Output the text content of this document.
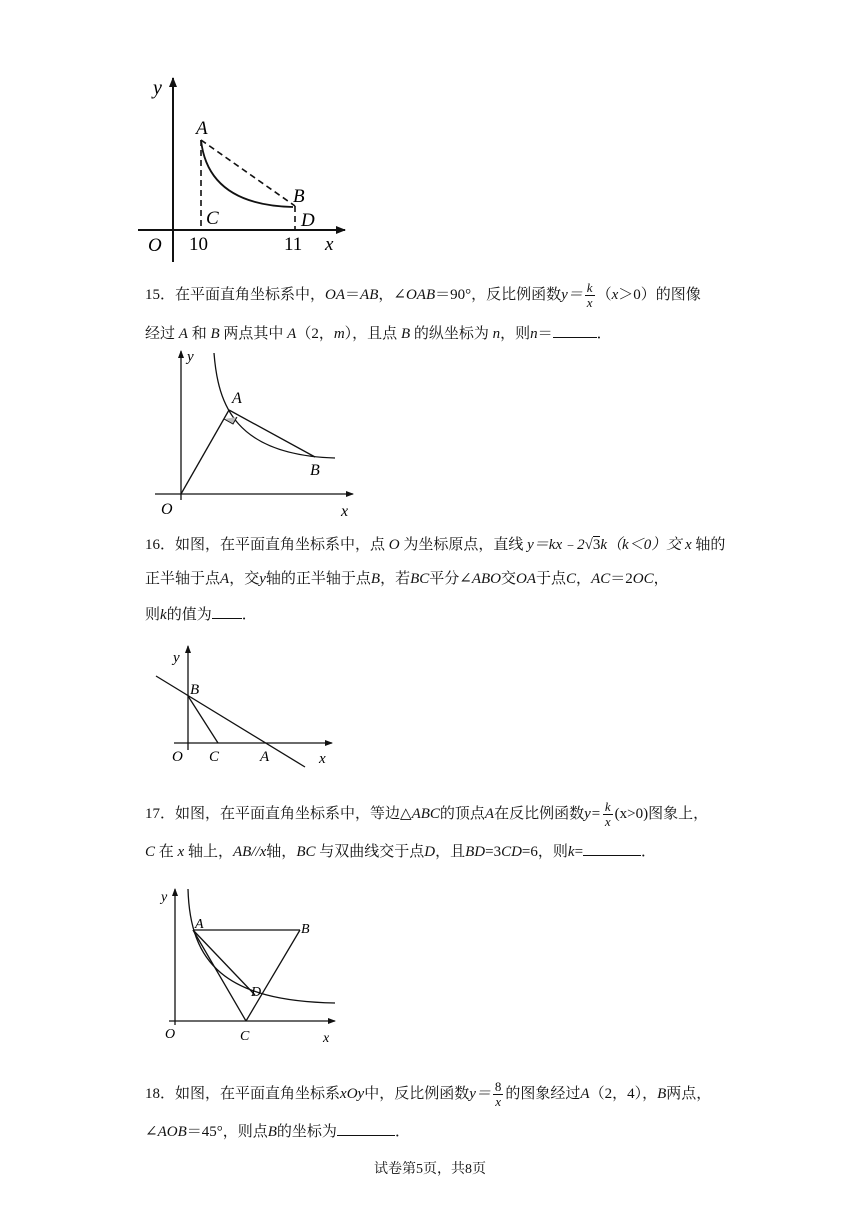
y
A
B
C	D
O 10	11 x
15．在平面直角坐标系中，OA＝AB，∠OAB＝90°，反比例函数$y= \frac{k}{x} (x>0)$的图像
经过 A 和 B 两点其中 A（2，m），且点 B 的纵坐标为 n，则n＝	．
y
A
B
O	x
16．如图，在平面直角坐标系中，点 O 为坐标原点，直线 y＝kx﹣2√3k（k＜0）交 x 轴的
正半轴于点A，交y轴的正半轴于点B，若BC平分∠ABO交OA于点C，AC＝2OC，
则k的值为 ．
y
B
O C	A	x
17．如图，在平面直角坐标系中，等边△ABC的顶点A在反比例函数$y= \frac{k}{x} (x>0)$图象上，
C 在 x 轴上，AB//x轴，BC 与双曲线交于点D，且BD=3CD=6，则k=	．
y
A	B
D
O	C	x
18．如图，在平面直角坐标系xOy中，反比例函数$y= \frac{8}{x}$ 的图象经过A（2，4），B两点，
∠AOB＝45°，则点B的坐标为	．
试卷第5页，共8页
